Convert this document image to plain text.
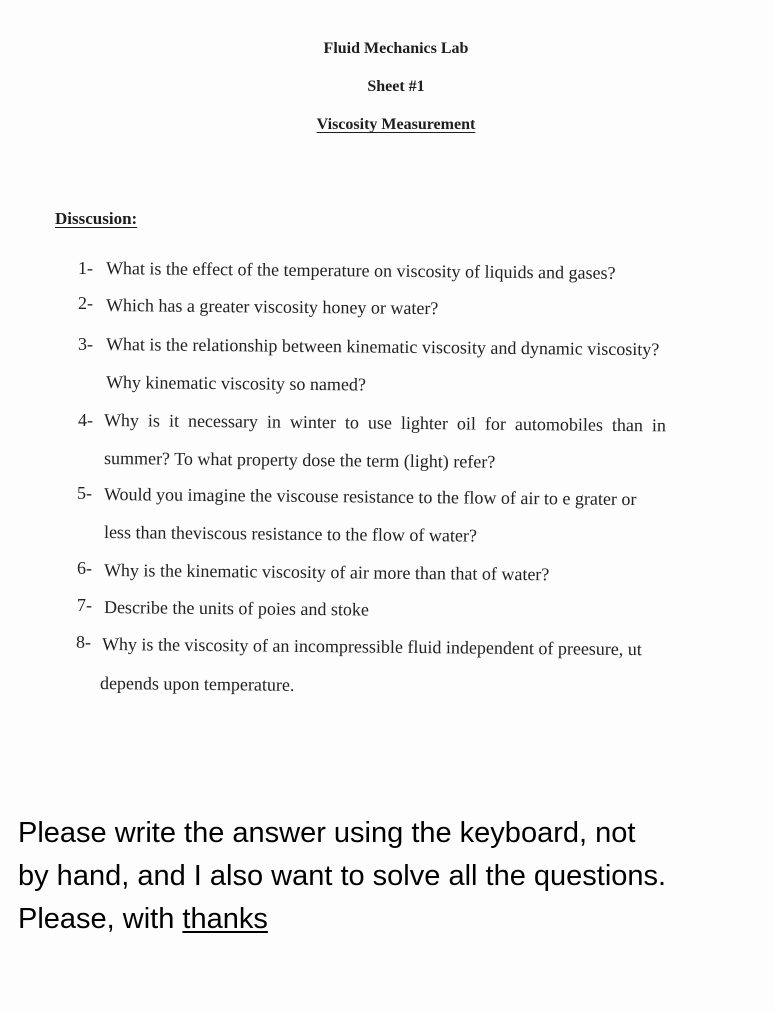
Fluid Mechanics Lab
Sheet #1
Viscosity Measurement
Disscusion:
1- What is the effect of the temperature on viscosity of liquids and gases?
2- Which has a greater viscosity honey or water?
3- What is the relationship between kinematic viscosity and dynamic viscosity?
Why kinematic viscosity so named?
4- Why  is  it  necessary  in  winter  to  use  lighter  oil  for  automobiles  than  in
summer? To what property dose the term (light) refer?
5- Would you imagine the viscouse resistance to the flow of air to e grater or
less than theviscous resistance to the flow of water?
6- Why is the kinematic viscosity of air more than that of water?
7- Describe the units of poies and stoke
8- Why is the viscosity of an incompressible fluid independent of preesure, ut
depends upon temperature.
Please write the answer using the keyboard, not
by hand, and I also want to solve all the questions.
Please, with thanks
